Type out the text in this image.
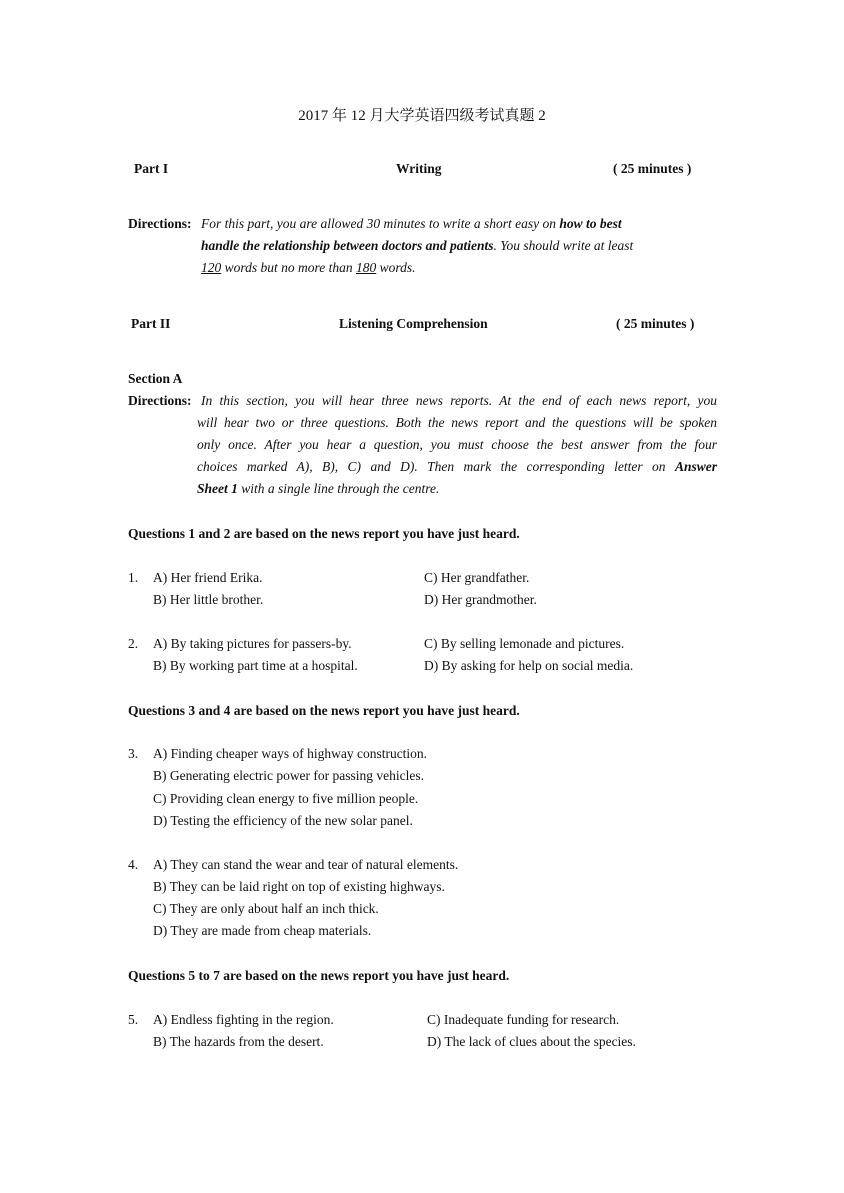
2017 年 12 月大学英语四级考试真题 2
Part I	Writing	( 25 minutes )
Directions: For this part, you are allowed 30 minutes to write a short easy on how to best
handle the relationship between doctors and patients. You should write at least
120 words but no more than 180 words.
Part II	Listening Comprehension	( 25 minutes )
Section A
Directions: In this section, you will hear three news reports. At the end of each news report, you
will hear two or three questions. Both the news report and the questions will be spoken
only once. After you hear a question, you must choose the best answer from the four
choices marked A), B), C) and D). Then mark the corresponding letter on Answer
Sheet 1 with a single line through the centre.
Questions 1 and 2 are based on the news report you have just heard.
1. A) Her friend Erika.	C) Her grandfather.
B) Her little brother.	D) Her grandmother.
2. A) By taking pictures for passers-by.	C) By selling lemonade and pictures.
B) By working part time at a hospital.	D) By asking for help on social media.
Questions 3 and 4 are based on the news report you have just heard.
3. A) Finding cheaper ways of highway construction.
B) Generating electric power for passing vehicles.
C) Providing clean energy to five million people.
D) Testing the efficiency of the new solar panel.
4. A) They can stand the wear and tear of natural elements.
B) They can be laid right on top of existing highways.
C) They are only about half an inch thick.
D) They are made from cheap materials.
Questions 5 to 7 are based on the news report you have just heard.
5. A) Endless fighting in the region.	C) Inadequate funding for research.
B) The hazards from the desert.	D) The lack of clues about the species.
